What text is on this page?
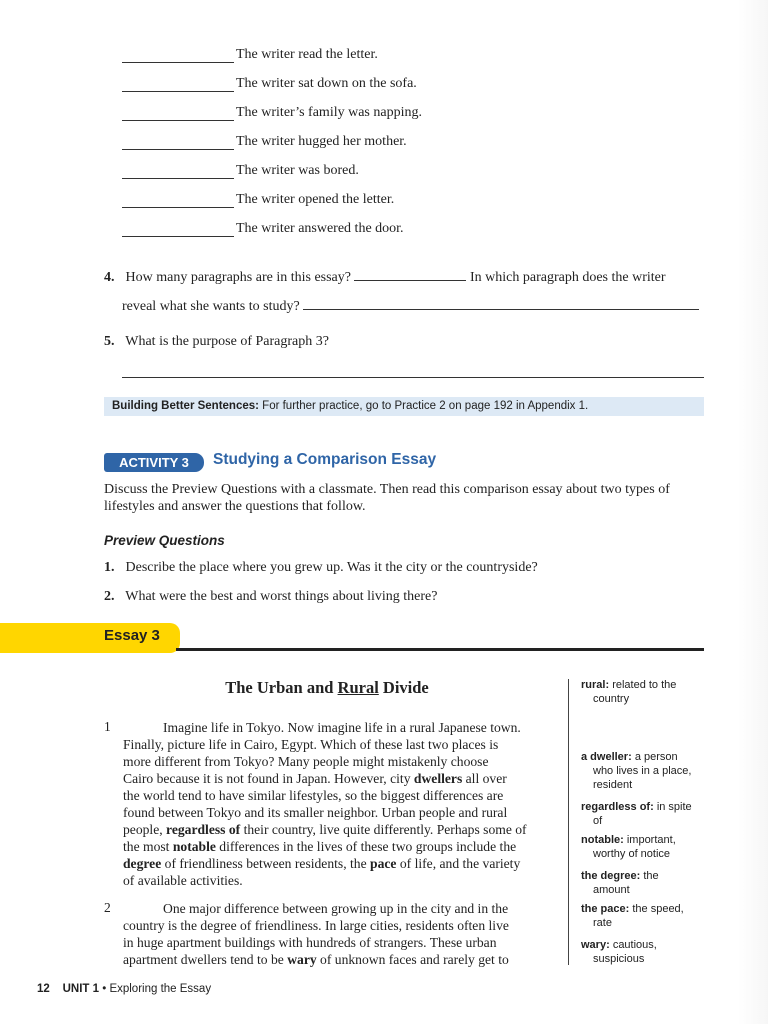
The writer read the letter.
The writer sat down on the sofa.
The writer’s family was napping.
The writer hugged her mother.
The writer was bored.
The writer opened the letter.
The writer answered the door.
4. How many paragraphs are in this essay?	In which paragraph does the writer
reveal what she wants to study?
5. What is the purpose of Paragraph 3?
Building Better Sentences: For further practice, go to Practice 2 on page 192 in Appendix 1.
ACTIVITY 3	Studying a Comparison Essay
Discuss the Preview Questions with a classmate. Then read this comparison essay about two types of
lifestyles and answer the questions that follow.
Preview Questions
1. Describe the place where you grew up. Was it the city or the countryside?
2. What were the best and worst things about living there?
Essay 3
The Urban and Rural Divide
1	Imagine life in Tokyo. Now imagine life in a rural Japanese town.
Finally, picture life in Cairo, Egypt. Which of these last two places is
more different from Tokyo? Many people might mistakenly choose
Cairo because it is not found in Japan. However, city dwellers all over
the world tend to have similar lifestyles, so the biggest differences are
found between Tokyo and its smaller neighbor. Urban people and rural
people, regardless of their country, live quite differently. Perhaps some of
the most notable differences in the lives of these two groups include the
degree of friendliness between residents, the pace of life, and the variety
of available activities.
2	One major difference between growing up in the city and in the
country is the degree of friendliness. In large cities, residents often live
in huge apartment buildings with hundreds of strangers. These urban
apartment dwellers tend to be wary of unknown faces and rarely get to
rural: related to the
country
a dweller: a person
who lives in a place,
resident
regardless of: in spite
of
notable: important,
worthy of notice
the degree: the
amount
the pace: the speed,
rate
wary: cautious,
suspicious
12 UNIT 1 • Exploring the Essay
